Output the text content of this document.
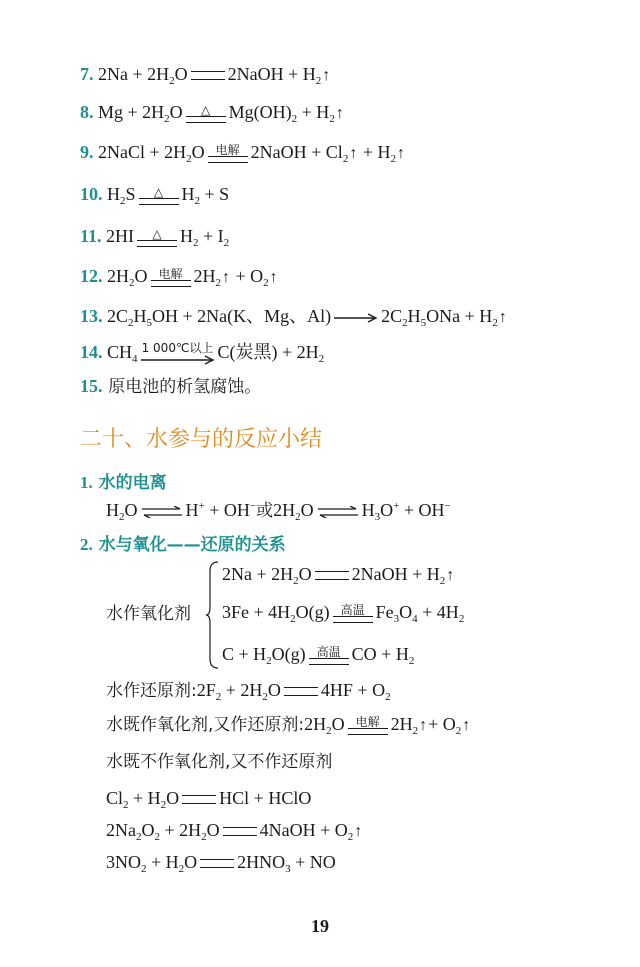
7. $2Na + 2H_2O$ 2NaOH + $H_2↑$
8. $Mg + 2H_2O$ △ $Mg(OH)_2$ + $H_2↑$
9. 2NaCl + $2H_2O$ 电解 2NaOH + $Cl_2↑$ + $H_2↑$
10. $H_2S$ △ $H_2 + S$
11. 2HI △ $H_2 + I_2$
12. $2H_2O$ 电解 $2H_2↑$ + $O_2↑$
13. $2C_2H_5OH + 2Na(K$、Mg、$Al) \to 2C_2H_5ONa$ + $H_2↑$
14. $CH_4$
1 000℃以上 C(炭黑) + $2H_2$
15. 原电池的析氢腐蚀。
二十、水参与的反应小结
1. 水的电离
$H_2O$ ⇌ H+ + OH−或$2H_2O$ ⇌ $H_3O^+ + OH^-$
2. 水与氧化——还原的关系
水作氧化剂
$2Na + 2H_2O$ 2NaOH + $H_2↑$
$3Fe + 4H_2O(g)$ 高温 $Fe_3O_4 + 4H_2$
$C + H_2O(g)$ 高温 CO + $H_2$
水作还原剂$:2F_2 + 2H_2O$ $4HF + O_2$
水既作氧化剂,又作还原剂$:2H_2O$ 电解 $2H_2↑+$ $O_2↑$
水既不作氧化剂,又不作还原剂
$Cl_2 + H_2O$ HCl + HClO
$2Na_2O_2 + 2H_2O$ 4NaOH + $O_2↑$
$3NO_2 + H_2O$ $2HNO_3$ + NO
19
